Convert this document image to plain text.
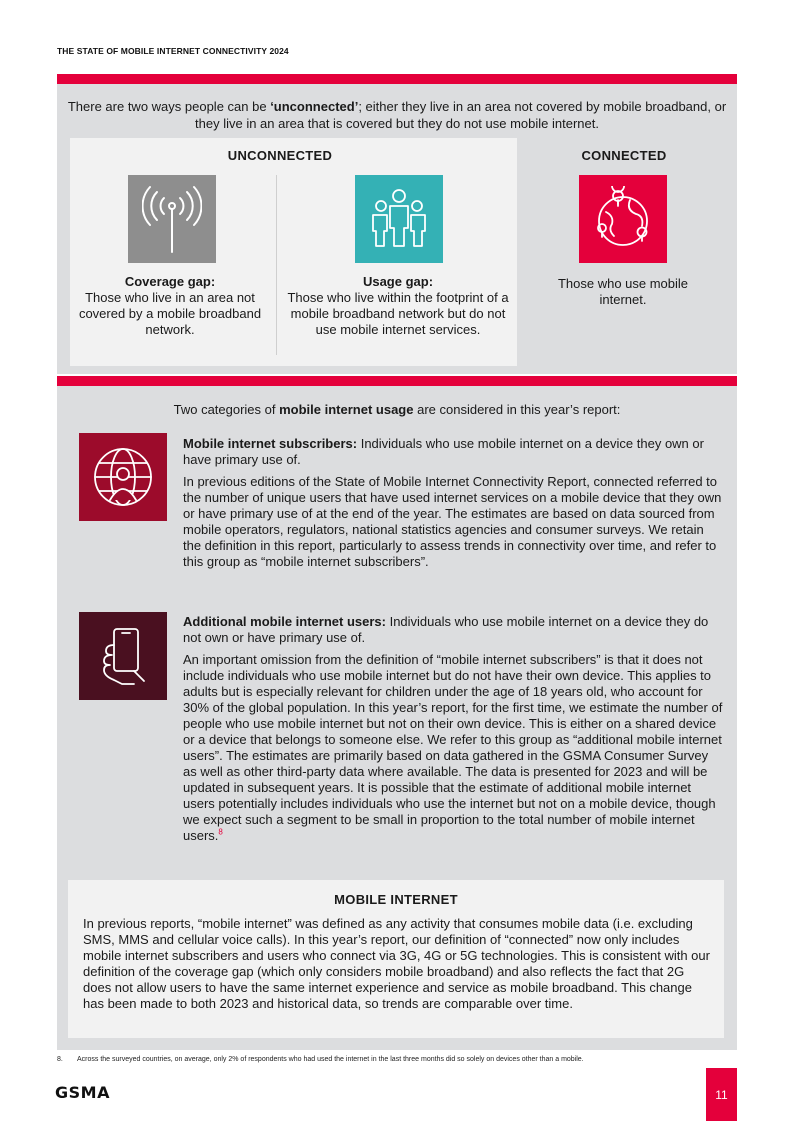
THE STATE OF MOBILE INTERNET CONNECTIVITY 2024
There are two ways people can be ‘unconnected’; either they live in an area not covered by mobile broadband, or they live in an area that is covered but they do not use mobile internet.
UNCONNECTED	CONNECTED
Coverage gap:
Those who live in an area not covered by a mobile broadband network.
Usage gap:
Those who live within the footprint of a mobile broadband network but do not use mobile internet services.
Those who use mobile internet.
Two categories of mobile internet usage are considered in this year’s report:

Mobile internet subscribers: Individuals who use mobile internet on a device they own or have primary use of.

In previous editions of the State of Mobile Internet Connectivity Report, connected referred to the number of unique users that have used internet services on a mobile device that they own or have primary use of at the end of the year. The estimates are based on data sourced from mobile operators, regulators, national statistics agencies and consumer surveys. We retain the definition in this report, particularly to assess trends in connectivity over time, and refer to this group as “mobile internet subscribers”.

Additional mobile internet users: Individuals who use mobile internet on a device they do not own or have primary use of.

An important omission from the definition of “mobile internet subscribers” is that it does not include individuals who use mobile internet but do not have their own device. This applies to adults but is especially relevant for children under the age of 18 years old, who account for 30% of the global population. In this year’s report, for the first time, we estimate the number of people who use mobile internet but not on their own device. This is either on a shared device or a device that belongs to someone else. We refer to this group as “additional mobile internet users”. The estimates are primarily based on data gathered in the GSMA Consumer Survey as well as other third-party data where available. The data is presented for 2023 and will be updated in subsequent years. It is possible that the estimate of additional mobile internet users potentially includes individuals who use the internet but not on a mobile device, though we expect such a segment to be small in proportion to the total number of mobile internet users.$^8$

MOBILE INTERNET
In previous reports, “mobile internet” was defined as any activity that consumes mobile data (i.e. excluding SMS, MMS and cellular voice calls). In this year’s report, our definition of “connected” now only includes mobile internet subscribers and users who connect via 3G, 4G or 5G technologies. This is consistent with our definition of the coverage gap (which only considers mobile broadband) and also reflects the fact that 2G does not allow users to have the same internet experience and service as mobile broadband. This change has been made to both 2023 and historical data, so trends are comparable over time.
8. Across the surveyed countries, on average, only 2% of respondents who had used the internet in the last three months did so solely on devices other than a mobile.
GSMA	11
